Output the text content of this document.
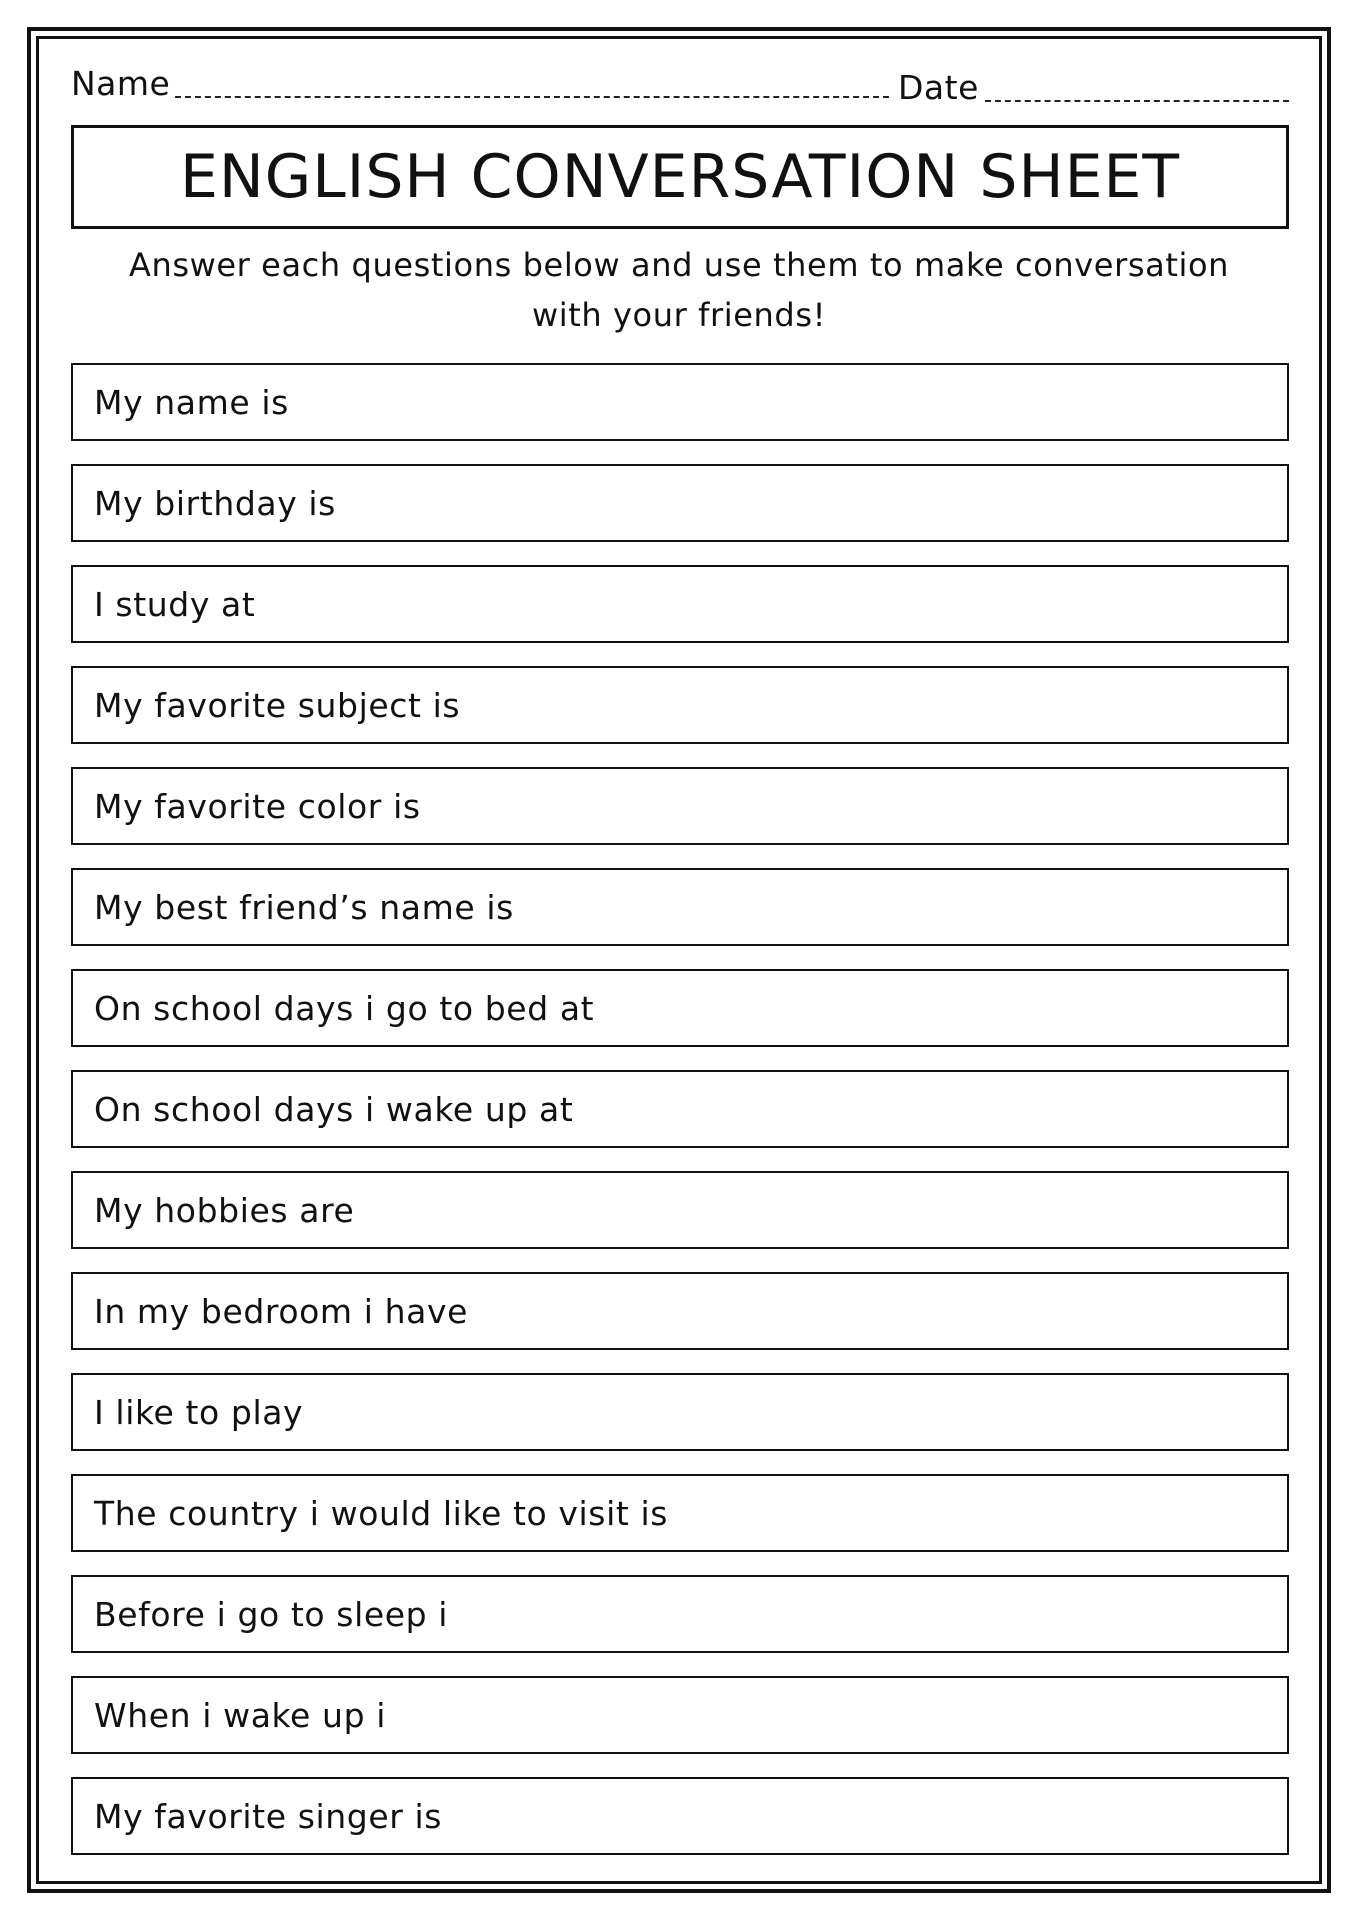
Name	Date
ENGLISH CONVERSATION SHEET
Answer each questions below and use them to make conversation with your friends!
My name is
My birthday is
I study at
My favorite subject is
My favorite color is
My best friend’s name is
On school days i go to bed at
On school days i wake up at
My hobbies are
In my bedroom i have
I like to play
The country i would like to visit is
Before i go to sleep i
When i wake up i
My favorite singer is
